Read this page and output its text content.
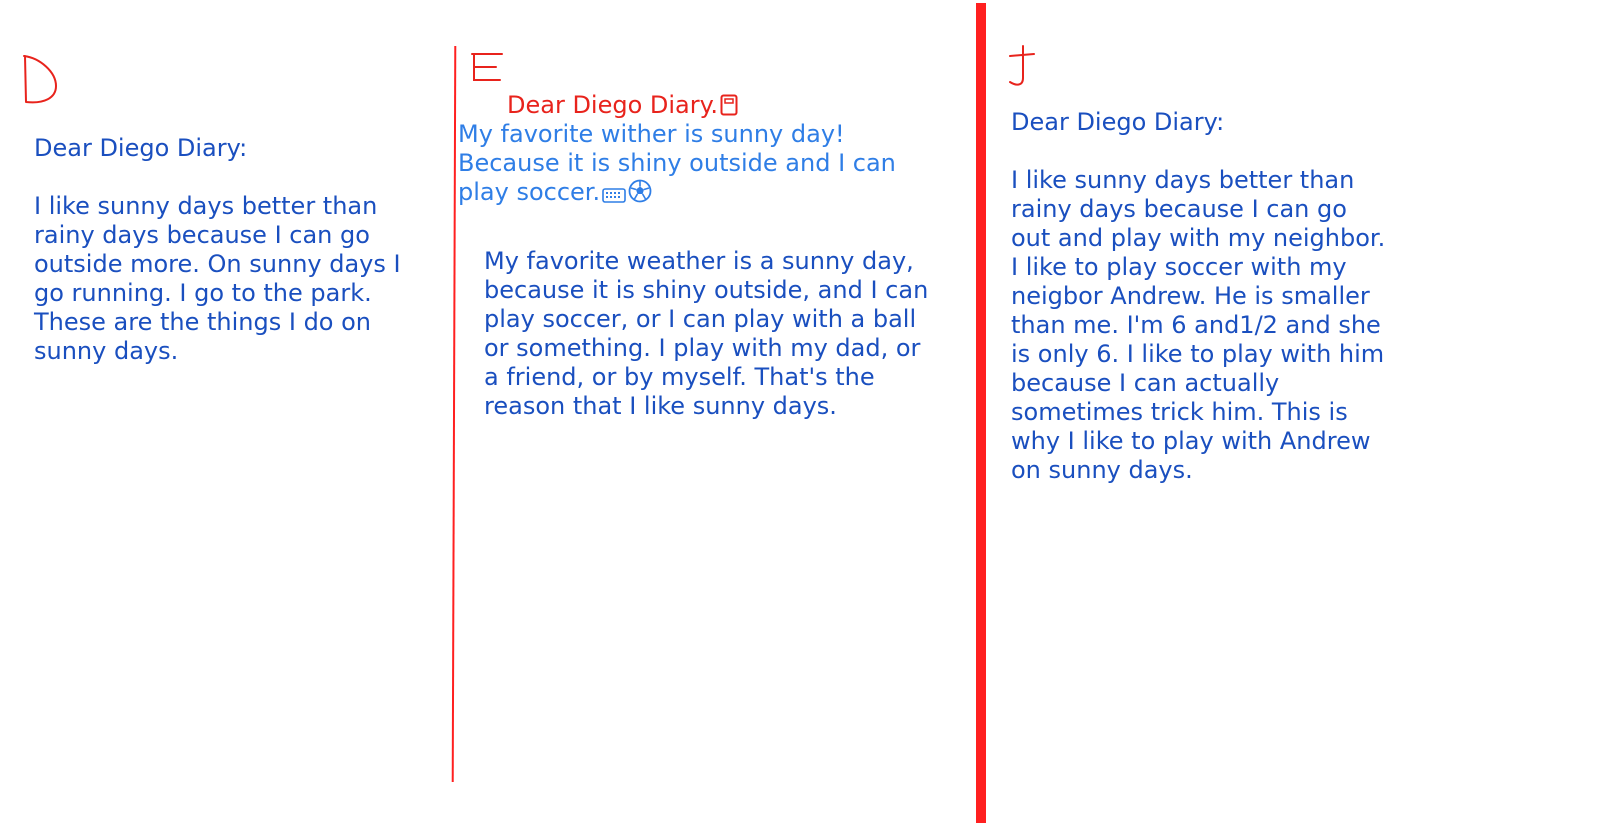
Dear Diego Diary:

I like sunny days better than rainy days because I can go outside more. On sunny days I go running. I go to the park. These are the things I do on sunny days.

Dear Diego Diary.
My favorite wither is sunny day! Because it is shiny outside and I can play soccer.

My favorite weather is a sunny day, because it is shiny outside, and I can play soccer, or I can play with a ball or something. I play with my dad, or a friend, or by myself. That's the reason that I like sunny days.

Dear Diego Diary:

I like sunny days better than rainy days because I can go out and play with my neighbor. I like to play soccer with my neigbor Andrew. He is smaller than me. I'm 6 and1/2 and she is only 6. I like to play with him because I can actually sometimes trick him. This is why I like to play with Andrew on sunny days.
